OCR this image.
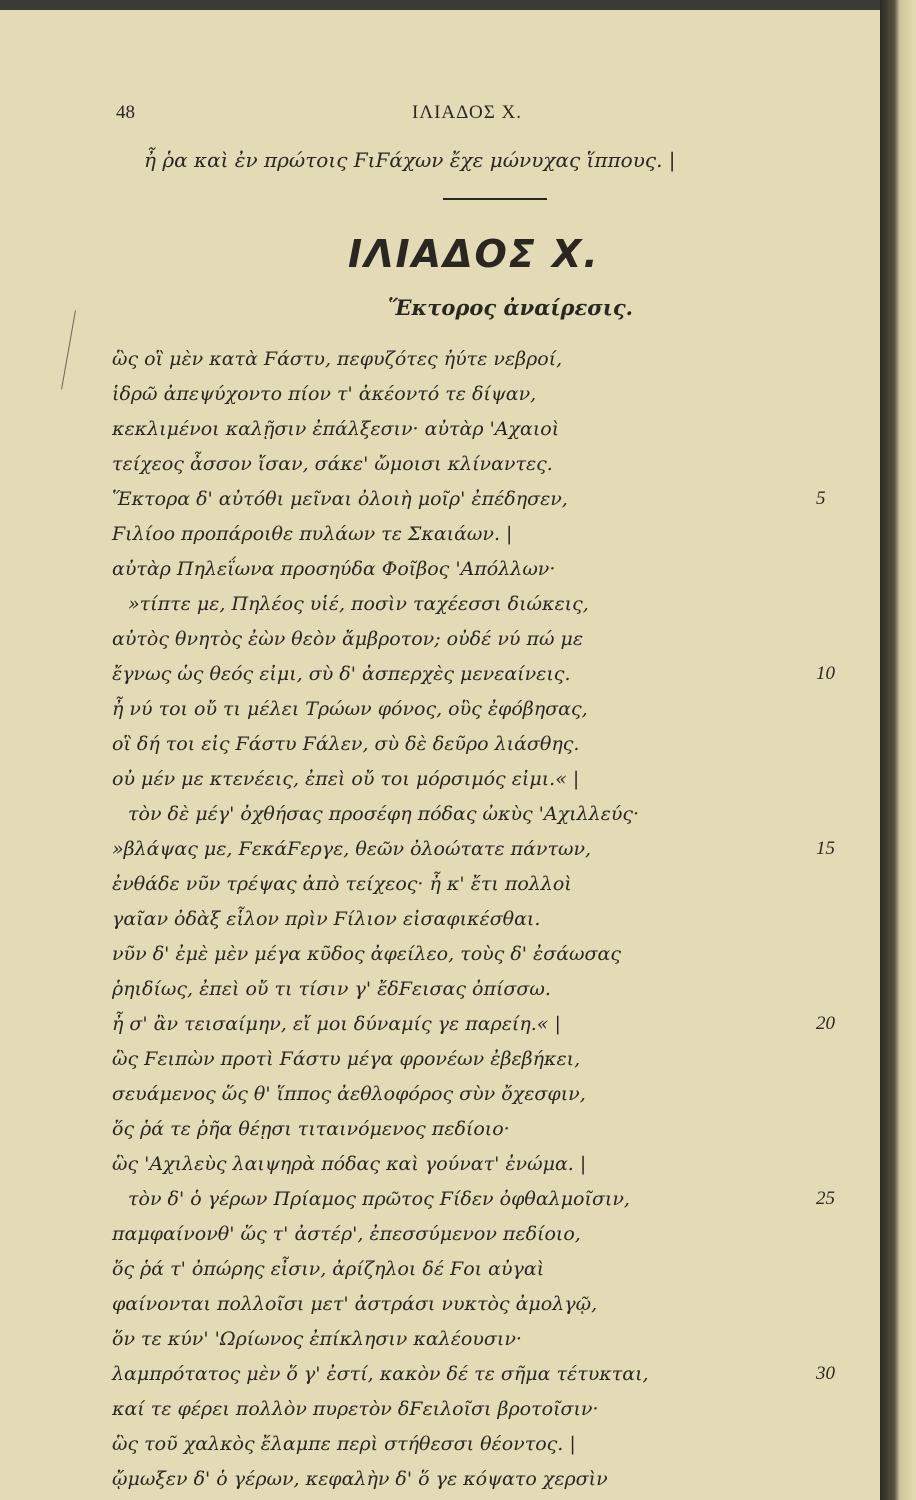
48	ΙΛΙΑΔΟΣ Χ.
ἦ ῥα καὶ ἐν πρώτοις ϜιϜάχων ἔχε μώνυχας ἵππους. |
ΙΛΙΑΔΟΣ Χ.
Ἕκτορος ἀναίρεσις.
ὣς οἳ μὲν κατὰ Ϝάστυ, πεφυζότες ἠύτε νεβροί,
ἱδρῶ ἀπεψύχοντο πίον τ' ἀκέοντό τε δίψαν,
κεκλιμένοι καλῇσιν ἐπάλξεσιν· αὐτὰρ 'Αχαιοὶ
τείχεος ἆσσον ἴσαν, σάκε' ὤμοισι κλίναντες.
Ἕκτορα δ' αὐτόθι μεῖναι ὀλοιὴ μοῖρ' ἐπέδησεν,	5
Ϝιλίοο προπάροιθε πυλάων τε Σκαιάων. |
αὐτὰρ Πηλεΐωνα προσηύδα Φοῖβος 'Απόλλων·
»τίπτε με, Πηλέος υἱέ, ποσὶν ταχέεσσι διώκεις,
αὐτὸς θνητὸς ἐὼν θεὸν ἄμβροτον; οὐδέ νύ πώ με
ἔγνως ὡς θεός εἰμι, σὺ δ' ἀσπερχὲς μενεαίνεις.	10
ἦ νύ τοι οὔ τι μέλει Τρώων φόνος, οὓς ἐφόβησας,
οἳ δή τοι εἰς Ϝάστυ Ϝάλεν, σὺ δὲ δεῦρο λιάσθης.
οὐ μέν με κτενέεις, ἐπεὶ οὔ τοι μόρσιμός εἰμι.« |
τὸν δὲ μέγ' ὀχθήσας προσέφη πόδας ὠκὺς 'Αχιλλεύς·
»βλάψας με, ϜεκάϜεργε, θεῶν ὀλοώτατε πάντων,	15
ἐνθάδε νῦν τρέψας ἀπὸ τείχεος· ἦ κ' ἔτι πολλοὶ
γαῖαν ὀδὰξ εἷλον πρὶν Ϝίλιον εἰσαφικέσθαι.
νῦν δ' ἐμὲ μὲν μέγα κῦδος ἀφείλεο, τοὺς δ' ἐσάωσας
ῥηιδίως, ἐπεὶ οὔ τι τίσιν γ' ἔδϜεισας ὀπίσσω.
ἦ σ' ἂν τεισαίμην, εἴ μοι δύναμίς γε παρείη.« |	20
ὣς Ϝειπὼν προτὶ Ϝάστυ μέγα φρονέων ἐβεβήκει,
σευάμενος ὥς θ' ἵππος ἀεθλοφόρος σὺν ὄχεσφιν,
ὅς ῥά τε ῥῆα θέῃσι τιταινόμενος πεδίοιο·
ὣς 'Αχιλεὺς λαιψηρὰ πόδας καὶ γούνατ' ἐνώμα. |
τὸν δ' ὁ γέρων Πρίαμος πρῶτος Ϝίδεν ὀφθαλμοῖσιν,	25
παμφαίνονθ' ὥς τ' ἀστέρ', ἐπεσσύμενον πεδίοιο,
ὅς ῥά τ' ὀπώρης εἶσιν, ἀρίζηλοι δέ Ϝοι αὐγαὶ
φαίνονται πολλοῖσι μετ' ἀστράσι νυκτὸς ἀμολγῷ,
ὅν τε κύν' 'Ωρίωνος ἐπίκλησιν καλέουσιν·
λαμπρότατος μὲν ὅ γ' ἐστί, κακὸν δέ τε σῆμα τέτυκται,	30
καί τε φέρει πολλὸν πυρετὸν δϜειλοῖσι βροτοῖσιν·
ὣς τοῦ χαλκὸς ἔλαμπε περὶ στήθεσσι θέοντος. |
ᾤμωξεν δ' ὁ γέρων, κεφαλὴν δ' ὅ γε κόψατο χερσὶν
